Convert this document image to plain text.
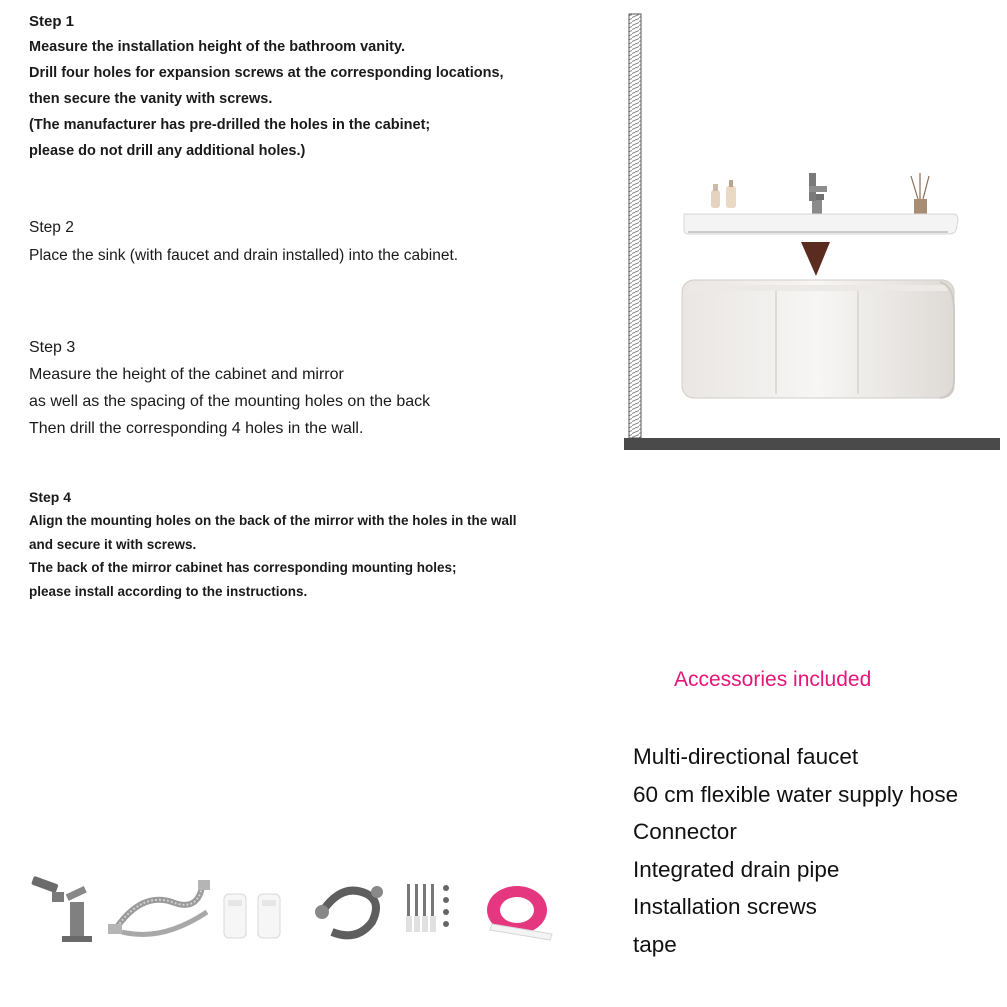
Step 1

Measure the installation height of the bathroom vanity.

Drill four holes for expansion screws at the corresponding locations,

then secure the vanity with screws.

(The manufacturer has pre-drilled the holes in the cabinet;

please do not drill any additional holes.)

Step 2

Place the sink (with faucet and drain installed) into the cabinet.

Step 3

Measure the height of the cabinet and mirror

as well as the spacing of the mounting holes on the back

Then drill the corresponding 4 holes in the wall.

Step 4

Align the mounting holes on the back of the mirror with the holes in the wall

and secure it with screws.

The back of the mirror cabinet has corresponding mounting holes;

please install according to the instructions.

Accessories included

Multi-directional faucet
60 cm flexible water supply hose
Connector
Integrated drain pipe
Installation screws
tape
